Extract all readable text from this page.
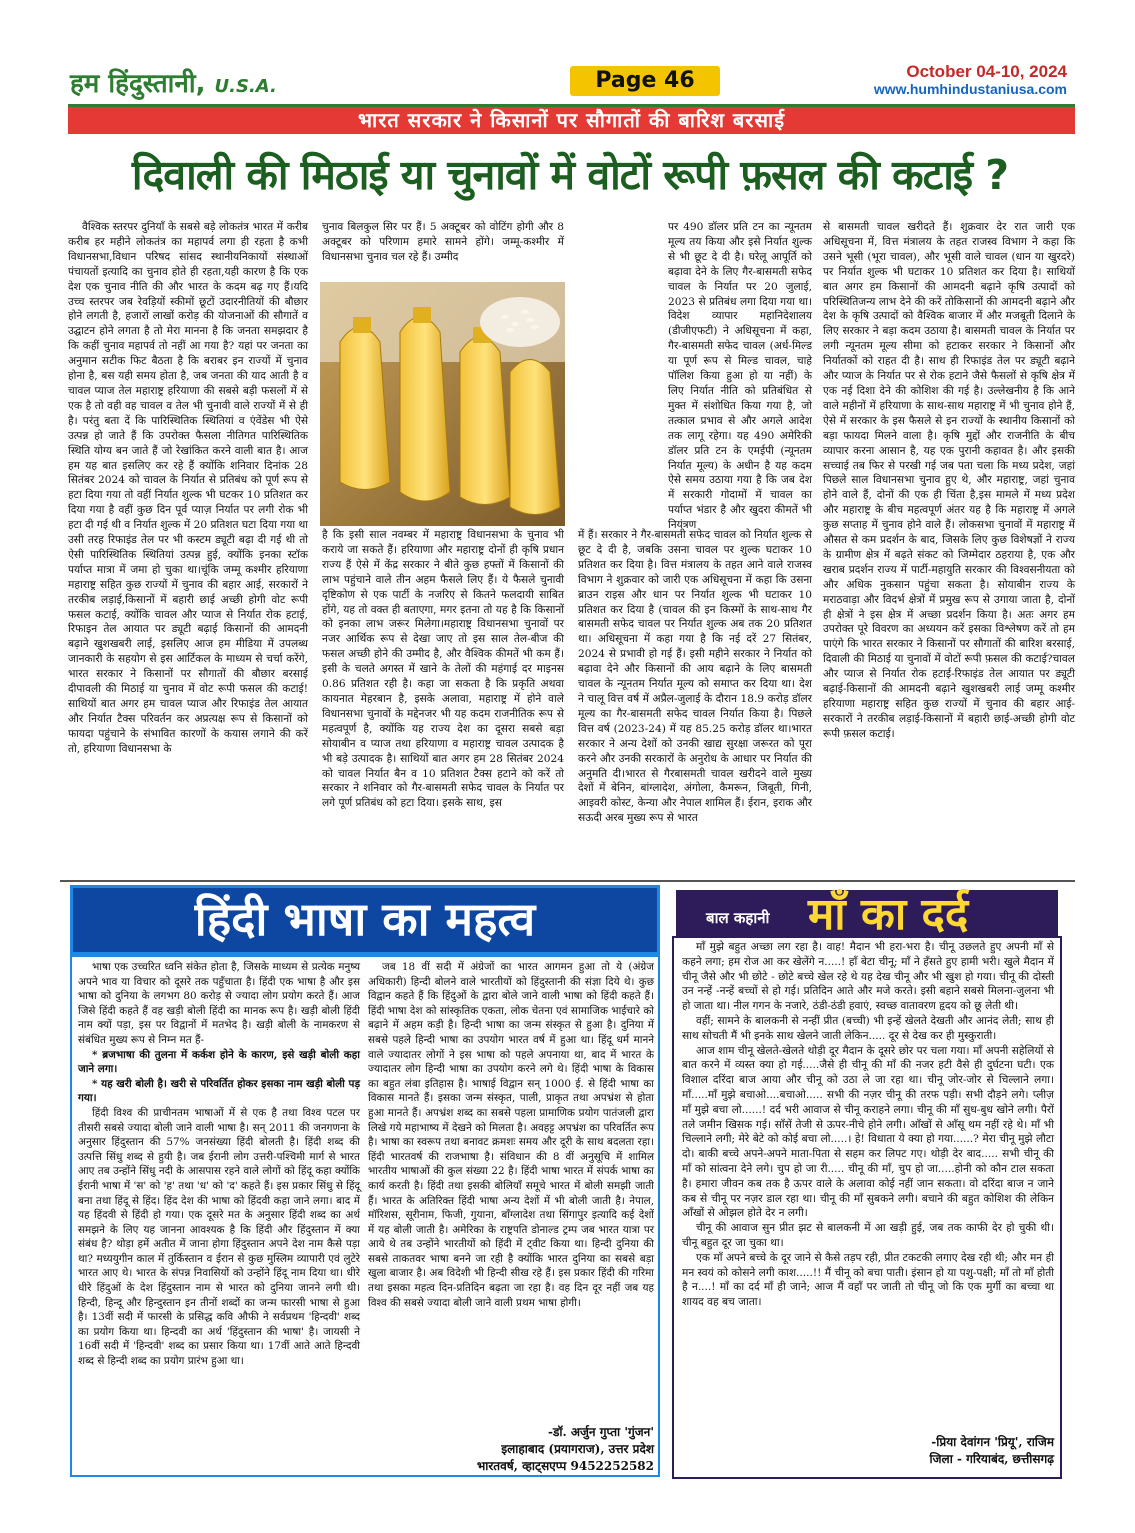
हम हिंदुस्तानी, U.S.A.	Page 46	October 04-10, 2024
www.humhindustaniusa.com
भारत सरकार ने किसानों पर सौगातों की बारिश बरसाई
दिवाली की मिठाई या चुनावों में वोटों रूपी फ़सल की कटाई ?

वैश्विक स्तरपर दुनियाँ के सबसे बड़े लोकतंत्र भारत में करीब करीब हर महीने लोकतंत्र का महापर्व लगा ही रहता है कभी विधानसभा,विधान परिषद सांसद स्थानीयनिकायों संस्थाओं पंचायतों इत्यादि का चुनाव होते ही रहता,यही कारण है कि एक देश एक चुनाव नीति की और भारत के कदम बढ़ गए हैं।यदि उच्च स्तरपर जब रेवड़ियों स्कीमों छूटों उदारनीतियों की बौछार होने लगती है, हजारों लाखों करोड़ की योजनाओं की सौगातें व उद्घाटन होने लगता है तो मेरा मानना है कि जनता समझदार है कि कहीं चुनाव महापर्व तो नहीं आ गया है? यहां पर जनता का अनुमान सटीक फिट बैठता है कि बराबर इन राज्यों में चुनाव होना है, बस यही समय होता है, जब जनता की याद आती है व चावल प्याज तेल महाराष्ट्र हरियाणा की सबसे बड़ी फसलों में से एक है तो वही वह चावल व तेल भी चुनावी वाले राज्यों में से ही है। परंतु बता दें कि पारिस्थितिक स्थितियां व एंवेंडेस भी ऐसे उत्पन्न हो जाते हैं कि उपरोक्त फैसला नीतिगत पारिस्थितिक स्थिति योग्य बन जाते हैं जो रेखांकित करने वाली बात है। आज हम यह बात इसलिए कर रहे हैं क्योंकि शनिवार दिनांक 28 सितंबर 2024 को चावल के निर्यात से प्रतिबंध को पूर्ण रूप से हटा दिया गया तो वहीं निर्यात शुल्क भी घटकर 10 प्रतिशत कर दिया गया है वहीं कुछ दिन पूर्व प्याज़ निर्यात पर लगी रोक भी हटा दी गई थी व निर्यात शुल्क में 20 प्रतिशत घटा दिया गया था उसी तरह रिफाइंड तेल पर भी कस्टम ड्यूटी बढ़ा दी गई थी तो ऐसी पारिस्थितिक स्थितियां उत्पन्न हुई, क्योंकि इनका स्टॉक पर्याप्त मात्रा में जमा हो चुका था।चूंकि जम्मू कश्मीर हरियाणा महाराष्ट्र सहित कुछ राज्यों में चुनाव की बहार आई, सरकारों ने तरकीब लड़ाई,किसानों में बहारी छाई अच्छी होगी वोट रूपी फसल कटाई, क्योंकि चावल और प्याज से निर्यात रोक हटाई, रिफाइन तेल आयात पर ड्यूटी बढ़ाई किसानों की आमदनी बढ़ाने खुशखबरी लाई, इसलिए आज हम मीडिया में उपलब्ध जानकारी के सहयोग से इस आर्टिकल के माध्यम से चर्चा करेंगे, भारत सरकार ने किसानों पर सौगातों की बौछार बरसाई दीपावली की मिठाई या चुनाव में वोट रूपी फसल की कटाई! साथियों बात अगर हम चावल प्याज और रिफाइंड तेल आयात और निर्यात टैक्स परिवर्तन कर अप्रत्यक्ष रूप से किसानों को फायदा पहुंचाने के संभावित कारणों के कयास लगाने की करें तो, हरियाणा विधानसभा के

चुनाव बिलकुल सिर पर हैं। 5 अक्टूबर को वोटिंग होगी और 8 अक्टूबर को परिणाम हमारे सामने होंगे। जम्मू-कश्मीर में विधानसभा चुनाव चल रहे हैं। उम्मीद

है कि इसी साल नवम्बर में महाराष्ट्र विधानसभा के चुनाव भी कराये जा सकते हैं। हरियाणा और महाराष्ट्र दोनों ही कृषि प्रधान राज्य हैं ऐसे में केंद्र सरकार ने बीते कुछ हफ्तों में किसानों की लाभ पहुंचाने वाले तीन अहम फैसले लिए हैं। ये फैसले चुनावी दृष्टिकोण से एक पार्टी के नजरिए से कितने फलदायी साबित होंगे, यह तो वक्त ही बताएगा, मगर इतना तो यह है कि किसानों को इनका लाभ जरूर मिलेगा।महाराष्ट्र विधानसभा चुनावों पर नजर आर्थिक रूप से देखा जाए तो इस साल तेल-बीज की फसल अच्छी होने की उम्मीद है, और वैश्विक कीमतें भी कम हैं। इसी के चलते अगस्त में खाने के तेलों की महंगाई दर माइनस 0.86 प्रतिशत रही है। कहा जा सकता है कि प्रकृति अथवा कायनात मेहरबान है, इसके अलावा, महाराष्ट्र में होने वाले विधानसभा चुनावों के मद्देनजर भी यह कदम राजनीतिक रूप से महत्वपूर्ण है, क्योंकि यह राज्य देश का दूसरा सबसे बड़ा सोयाबीन व प्याज तथा हरियाणा व महाराष्ट्र चावल उत्पादक है भी बड़े उत्पादक है। साथियों बात अगर हम 28 सितंबर 2024 को चावल निर्यात बैन व 10 प्रतिशत टैक्स हटाने को करें तो सरकार ने शनिवार को गैर-बासमती सफेद चावल के निर्यात पर लगे पूर्ण प्रतिबंध को हटा दिया। इसके साथ, इस

पर 490 डॉलर प्रति टन का न्यूनतम मूल्य तय किया और इसे निर्यात शुल्क से भी छूट दे दी है। घरेलू आपूर्ति को बढ़ावा देने के लिए गैर-बासमती सफेद चावल के निर्यात पर 20 जुलाई, 2023 से प्रतिबंध लगा दिया गया था। विदेश व्यापार महानिदेशालय (डीजीएफटी) ने अधिसूचना में कहा, गैर-बासमती सफेद चावल (अर्ध-मिल्ड या पूर्ण रूप से मिल्ड चावल, चाहे पॉलिश किया हुआ हो या नहीं) के लिए निर्यात नीति को प्रतिबंधित से मुक्त में संशोधित किया गया है, जो तत्काल प्रभाव से और अगले आदेश तक लागू रहेगा। यह 490 अमेरिकी डॉलर प्रति टन के एमईपी (न्यूनतम निर्यात मूल्य) के अधीन है यह कदम ऐसे समय उठाया गया है कि जब देश में सरकारी गोदामों में चावल का पर्याप्त भंडार है और खुदरा कीमतें भी नियंत्रण

में हैं। सरकार ने गैर-बासमती सफेद चावल को निर्यात शुल्क से छूट दे दी है, जबकि उसना चावल पर शुल्क घटाकर 10 प्रतिशत कर दिया है। वित्त मंत्रालय के तहत आने वाले राजस्व विभाग ने शुक्रवार को जारी एक अधिसूचना में कहा कि उसना ब्राउन राइस और धान पर निर्यात शुल्क भी घटाकर 10 प्रतिशत कर दिया है (चावल की इन किस्मों के साथ-साथ गैर बासमती सफेद चावल पर निर्यात शुल्क अब तक 20 प्रतिशत था। अधिसूचना में कहा गया है कि नई दरें 27 सितंबर, 2024 से प्रभावी हो गई हैं। इसी महीने सरकार ने निर्यात को बढ़ावा देने और किसानों की आय बढ़ाने के लिए बासमती चावल के न्यूनतम निर्यात मूल्य को समाप्त कर दिया था। देश ने चालू वित्त वर्ष में अप्रैल-जुलाई के दौरान 18.9 करोड़ डॉलर मूल्य का गैर-बासमती सफेद चावल निर्यात किया है। पिछले वित्त वर्ष (2023-24) में यह 85.25 करोड़ डॉलर था।भारत सरकार ने अन्य देशों को उनकी खाद्य सुरक्षा जरूरत को पूरा करने और उनकी सरकारों के अनुरोध के आधार पर निर्यात की अनुमति दी।भारत से गैरबासमती चावल खरीदने वाले मुख्य देशों में बेनिन, बांग्लादेश, अंगोला, कैमरून, जिबूती, गिनी, आइवरी कोस्ट, केन्या और नेपाल शामिल हैं। ईरान, इराक और सऊदी अरब मुख्य रूप से भारत

से बासमती चावल खरीदते हैं। शुक्रवार देर रात जारी एक अधिसूचना में, वित्त मंत्रालय के तहत राजस्व विभाग ने कहा कि उसने भूसी (भूरा चावल), और भूसी वाले चावल (धान या खुरदरे) पर निर्यात शुल्क भी घटाकर 10 प्रतिशत कर दिया है। साथियों बात अगर हम किसानों की आमदनी बढ़ाने कृषि उत्पादों को परिस्थितिजन्य लाभ देने की करें तोकिसानों की आमदनी बढ़ाने और देश के कृषि उत्पादों को वैश्विक बाजार में और मजबूती दिलाने के लिए सरकार ने बड़ा कदम उठाया है। बासमती चावल के निर्यात पर लगी न्यूनतम मूल्य सीमा को हटाकर सरकार ने किसानों और निर्यातकों को राहत दी है। साथ ही रिफाइंड तेल पर ड्यूटी बढ़ाने और प्याज के निर्यात पर से रोक हटाने जैसे फैसलों से कृषि क्षेत्र में एक नई दिशा देने की कोशिश की गई है। उल्लेखनीय है कि आने वाले महीनों में हरियाणा के साथ-साथ महाराष्ट्र में भी चुनाव होने हैं, ऐसे में सरकार के इस फैसले से इन राज्यों के स्थानीय किसानों को बड़ा फायदा मिलने वाला है। कृषि मुद्दों और राजनीति के बीच व्यापार करना आसान है, यह एक पुरानी कहावत है। और इसकी सच्चाई तब फिर से परखी गई जब पता चला कि मध्य प्रदेश, जहां पिछले साल विधानसभा चुनाव हुए थे, और महाराष्ट्र, जहां चुनाव होने वाले हैं, दोनों की एक ही चिंता है,इस मामले में मध्य प्रदेश और महाराष्ट्र के बीच महत्वपूर्ण अंतर यह है कि महाराष्ट्र में अगले कुछ सप्ताह में चुनाव होने वाले हैं। लोकसभा चुनावों में महाराष्ट्र में औसत से कम प्रदर्शन के बाद, जिसके लिए कुछ विशेषज्ञों ने राज्य के ग्रामीण क्षेत्र में बढ़ते संकट को जिम्मेदार ठहराया है, एक और खराब प्रदर्शन राज्य में पार्टी-महायुति सरकार की विश्वसनीयता को और अधिक नुकसान पहुंचा सकता है। सोयाबीन राज्य के मराठवाड़ा और विदर्भ क्षेत्रों में प्रमुख रूप से उगाया जाता है, दोनों ही क्षेत्रों ने इस क्षेत्र में अच्छा प्रदर्शन किया है। अतः अगर हम उपरोक्त पूरे विवरण का अध्ययन करें इसका विश्लेषण करें तो हम पाएंगे कि भारत सरकार ने किसानों पर सौगातों की बारिश बरसाई, दिवाली की मिठाई या चुनावों में वोटों रूपी फ़सल की कटाई?चावल और प्याज से निर्यात रोक हटाई-रिफाइंड तेल आयात पर ड्यूटी बढ़ाई-किसानों की आमदनी बढ़ाने खुशखबरी लाई जम्मू कश्मीर हरियाणा महाराष्ट्र सहित कुछ राज्यों में चुनाव की बहार आई-सरकारों ने तरकीब लड़ाई-किसानों में बहारी छाई-अच्छी होगी वोट रूपी फ़सल कटाई।

हिंदी भाषा का महत्व

भाषा एक उच्चरित ध्वनि संकेत होता है, जिसके माध्यम से प्रत्येक मनुष्य अपने भाव या विचार को दूसरे तक पहुँचाता है। हिंदी एक भाषा है और इस भाषा को दुनिया के लगभग 80 करोड़ से ज्यादा लोग प्रयोग करते हैं। आज जिसे हिंदी कहते हैं वह खड़ी बोली हिंदी का मानक रूप है। खड़ी बोली हिंदी नाम क्यों पड़ा, इस पर विद्वानों में मतभेद है। खड़ी बोली के नामकरण से संबंधित मुख्य रूप से निम्न मत हैं-

* ब्रजभाषा की तुलना में कर्कश होने के कारण, इसे खड़ी बोली कहा जाने लगा।

* यह खरी बोली है। खरी से परिवर्तित होकर इसका नाम खड़ी बोली पड़ गया।

हिंदी विश्व की प्राचीनतम भाषाओं में से एक है तथा विश्व पटल पर तीसरी सबसे ज्यादा बोली जाने वाली भाषा है। सन् 2011 की जनगणना के अनुसार हिंदुस्तान की 57% जनसंख्या हिंदी बोलती है। हिंदी शब्द की उत्पत्ति सिंधु शब्द से हुयी है। जब ईरानी लोग उत्तरी-पश्चिमी मार्ग से भारत आए तब उन्होंने सिंधु नदी के आसपास रहने वाले लोगों को हिंदू कहा क्योंकि ईरानी भाषा में 'स' को 'ह' तथा 'ध' को 'द' कहते हैं। इस प्रकार सिंधु से हिंदू बना तथा हिंदू से हिंद। हिंद देश की भाषा को हिंदवी कहा जाने लगा। बाद में यह हिंदवी से हिंदी हो गया। एक दूसरे मत के अनुसार हिंदी शब्द का अर्थ समझने के लिए यह जानना आवश्यक है कि हिंदी और हिंदुस्तान में क्या संबंध है? थोड़ा हमें अतीत में जाना होगा हिंदुस्तान अपने देश नाम कैसे पड़ा था? मध्ययुगीन काल में तुर्किस्तान व ईरान से कुछ मुस्लिम व्यापारी एवं लुटेरे भारत आए थे। भारत के संपन्न निवासियों को उन्होंने हिंदू नाम दिया था। धीरे धीरे हिंदुओं के देश हिंदुस्तान नाम से भारत को दुनिया जानने लगी थी। हिन्दी, हिन्दू और हिन्दुस्तान इन तीनों शब्दों का जन्म फारसी भाषा से हुआ है। 13वीं सदी में फारसी के प्रसिद्ध कवि औफी ने सर्वप्रथम 'हिन्दवी' शब्द का प्रयोग किया था। हिन्दवी का अर्थ 'हिंदुस्तान की भाषा' है। जायसी ने 16वीं सदी में 'हिन्दवी' शब्द का प्रसार किया था। 17वीं आते आते हिन्दवी शब्द से हिन्दी शब्द का प्रयोग प्रारंभ हुआ था।

जब 18 वीं सदी में अंग्रेजों का भारत आगमन हुआ तो ये (अंग्रेज अधिकारी) हिन्दी बोलने वाले भारतीयों को हिंदुस्तानी की संज्ञा दिये थे। कुछ विद्वान कहते हैं कि हिंदुओं के द्वारा बोले जाने वाली भाषा को हिंदी कहते हैं। हिंदी भाषा देश को सांस्कृतिक एकता, लोक चेतना एवं सामाजिक भाईचारे को बढ़ाने में अहम कड़ी है। हिन्दी भाषा का जन्म संस्कृत से हुआ है। दुनिया में सबसे पहले हिन्दी भाषा का उपयोग भारत वर्ष में हुआ था। हिंदू धर्म मानने वाले ज्यादातर लोगों ने इस भाषा को पहले अपनाया था, बाद में भारत के ज्यादातर लोग हिन्दी भाषा का उपयोग करने लगे थे। हिंदी भाषा के विकास का बहुत लंबा इतिहास है। भाषाई विद्वान सन् 1000 ई. से हिंदी भाषा का विकास मानते हैं। इसका जन्म संस्कृत, पाली, प्राकृत तथा अपभ्रंश से होता हुआ मानते हैं। अपभ्रंश शब्द का सबसे पहला प्रामाणिक प्रयोग पातंजली द्वारा लिखे गये महाभाष्य में देखने को मिलता है। अवहट्ट अपभ्रंश का परिवर्तित रूप है। भाषा का स्वरूप तथा बनावट क्रमशः समय और दूरी के साथ बदलता रहा। हिंदी भारतवर्ष की राजभाषा है। संविधान की 8 वीं अनुसूचि में शामिल भारतीय भाषाओं की कुल संख्या 22 है। हिंदी भाषा भारत में संपर्क भाषा का कार्य करती है। हिंदी तथा इसकी बोलियाँ समूचे भारत में बोली समझी जाती हैं। भारत के अतिरिक्त हिंदी भाषा अन्य देशों में भी बोली जाती है। नेपाल, मॉरिशस, सूरीनाम, फिजी, गुयाना, बॉंग्लादेश तथा सिंगापुर इत्यादि कई देशों में यह बोली जाती है। अमेरिका के राष्ट्रपति डोनाल्ड ट्रम्प जब भारत यात्रा पर आये थे तब उन्होंने भारतीयों को हिंदी में ट्वीट किया था। हिन्दी दुनिया की सबसे ताकतवर भाषा बनने जा रही है क्योंकि भारत दुनिया का सबसे बड़ा खुला बाजार है। अब विदेशी भी हिन्दी सीख रहे हैं। इस प्रकार हिंदी की गरिमा तथा इसका महत्व दिन-प्रतिदिन बढ़ता जा रहा है। वह दिन दूर नहीं जब यह विश्व की सबसे ज्यादा बोली जाने वाली प्रथम भाषा होगी।

-डॉ. अर्जुन गुप्ता 'गुंजन'
इलाहाबाद (प्रयागराज), उत्तर प्रदेश
भारतवर्ष, व्हाट्सएप्प 9452252582
बाल कहानी माँ का दर्द

माँ मुझे बहुत अच्छा लग रहा है। वाह! मैदान भी हरा-भरा है। चीनू उछलते हुए अपनी माँ से कहने लगा; हम रोज आ कर खेलेंगे न.....! हाँ बेटा चीनू; माँ ने हँसते हुए हामी भरी। खुले मैदान में चीनू जैसे और भी छोटे - छोटे बच्चे खेल रहे थे यह देख चीनू और भी खुश हो गया। चीनू की दोस्ती उन नन्हें -नन्हें बच्चों से हो गई। प्रतिदिन आते और मजे करते। इसी बहाने सबसे मिलना-जुलना भी हो जाता था। नील गगन के नजारे, ठंडी-ठंडी हवाएं, स्वच्छ वातावरण हृदय को छू लेती थी।

वहीं; सामने के बालकनी से नन्हीं प्रीत (बच्ची) भी इन्हें खेलते देखती और आनंद लेती; साथ ही साथ सोचती मैं भी इनके साथ खेलने जाती लेकिन..... दूर से देख कर ही मुस्कुराती।

आज शाम चीनू खेलते-खेलते थोड़ी दूर मैदान के दूसरे छोर पर चला गया। माँ अपनी सहेलियों से बात करने में व्यस्त क्या हो गई.....जैसे ही चीनू की माँ की नजर हटी वैसे ही दुर्घटना घटी। एक विशाल दरिंदा बाज आया और चीनू को उठा ले जा रहा था। चीनू जोर-जोर से चिल्लाने लगा। माँ.....माँ मुझे बचाओ....बचाओ..... सभी की नज़र चीनू की तरफ पड़ी। सभी दौड़ने लगे। प्लीज़ माँ मुझे बचा लो......! दर्द भरी आवाज से चीनू कराहने लगा। चीनू की माँ सुध-बुध खोने लगी। पैरों तले जमीन खिसक गई। साँसें तेजी से ऊपर-नीचे होने लगी। आँखों से आँसू थम नहीं रहे थे। माँ भी चिल्लाने लगी; मेरे बेटे को कोई बचा लो.....। हे! विधाता ये क्या हो गया......? मेरा चीनू मुझे लौटा दो। बाकी बच्चे अपने-अपने माता-पिता से सहम कर लिपट गए। थोड़ी देर बाद..... सभी चीनू की माँ को सांत्वना देने लगे। चुप हो जा री..... चीनू की माँ, चुप हो जा.....होनी को कौन टाल सकता है। हमारा जीवन कब तक है ऊपर वाले के अलावा कोई नहीं जान सकता। वो दरिंदा बाज न जाने कब से चीनू पर नज़र डाल रहा था। चीनू की माँ सुबकने लगी। बचाने की बहुत कोशिश की लेकिन आँखों से ओझल होते देर न लगी।

चीनू की आवाज सुन प्रीत झट से बालकनी में आ खड़ी हुई, जब तक काफी देर हो चुकी थी। चीनू बहुत दूर जा चुका था।

एक माँ अपने बच्चे के दूर जाने से कैसे तड़प रही, प्रीत टकटकी लगाए देख रही थी; और मन ही मन स्वयं को कोसने लगी काश.....!! मैं चीनू को बचा पाती। इंसान हो या पशु-पक्षी; माँ तो माँ होती है न....! माँ का दर्द माँ ही जाने; आज मैं वहाँ पर जाती तो चीनू जो कि एक मुर्गी का बच्चा था शायद वह बच जाता।

-प्रिया देवांगन 'प्रियू', राजिम
जिला - गरियाबंद, छत्तीसगढ़
